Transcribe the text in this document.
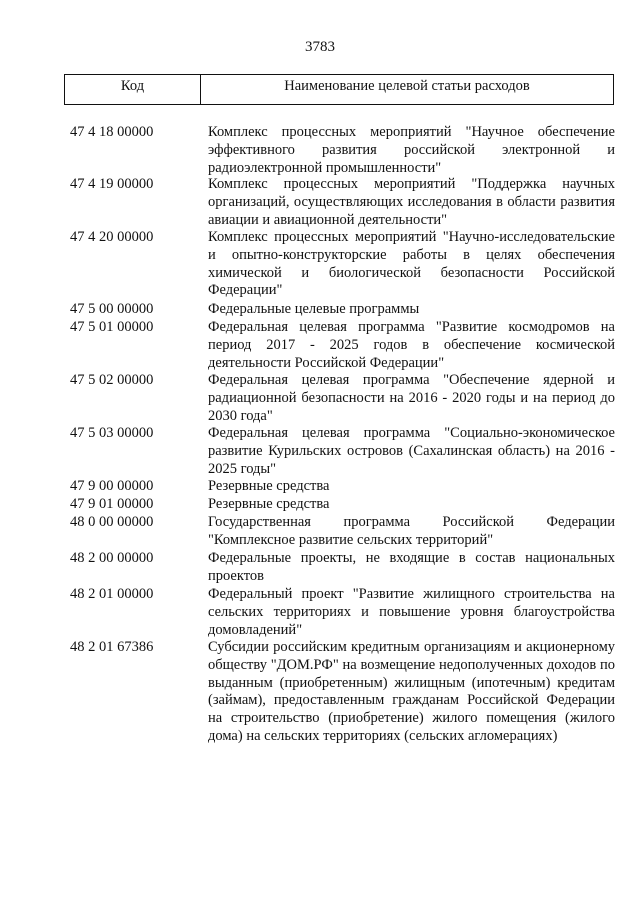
3783
Код	Наименование целевой статьи расходов
47 4 18 00000	Комплекс процессных мероприятий "Научное обеспечение эффективного развития российской электронной и радиоэлектронной промышленности"
47 4 19 00000	Комплекс процессных мероприятий "Поддержка научных организаций, осуществляющих исследования в области развития авиации и авиационной деятельности"
47 4 20 00000	Комплекс процессных мероприятий "Научно-исследовательские и опытно-конструкторские работы в целях обеспечения химической и биологической безопасности Российской Федерации"
47 5 00 00000	Федеральные целевые программы
47 5 01 00000	Федеральная целевая программа "Развитие космодромов на период 2017 - 2025 годов в обеспечение космической деятельности Российской Федерации"
47 5 02 00000	Федеральная целевая программа "Обеспечение ядерной и радиационной безопасности на 2016 - 2020 годы и на период до 2030 года"
47 5 03 00000	Федеральная целевая программа "Социально-экономическое развитие Курильских островов (Сахалинская область) на 2016 - 2025 годы"
47 9 00 00000	Резервные средства
47 9 01 00000	Резервные средства
48 0 00 00000	Государственная программа Российской Федерации "Комплексное развитие сельских территорий"
48 2 00 00000	Федеральные проекты, не входящие в состав национальных проектов
48 2 01 00000	Федеральный проект "Развитие жилищного строительства на сельских территориях и повышение уровня благоустройства домовладений"
48 2 01 67386	Субсидии российским кредитным организациям и акционерному обществу "ДОМ.РФ" на возмещение недополученных доходов по выданным (приобретенным) жилищным (ипотечным) кредитам (займам), предоставленным гражданам Российской Федерации на строительство (приобретение) жилого помещения (жилого дома) на сельских территориях (сельских агломерациях)
